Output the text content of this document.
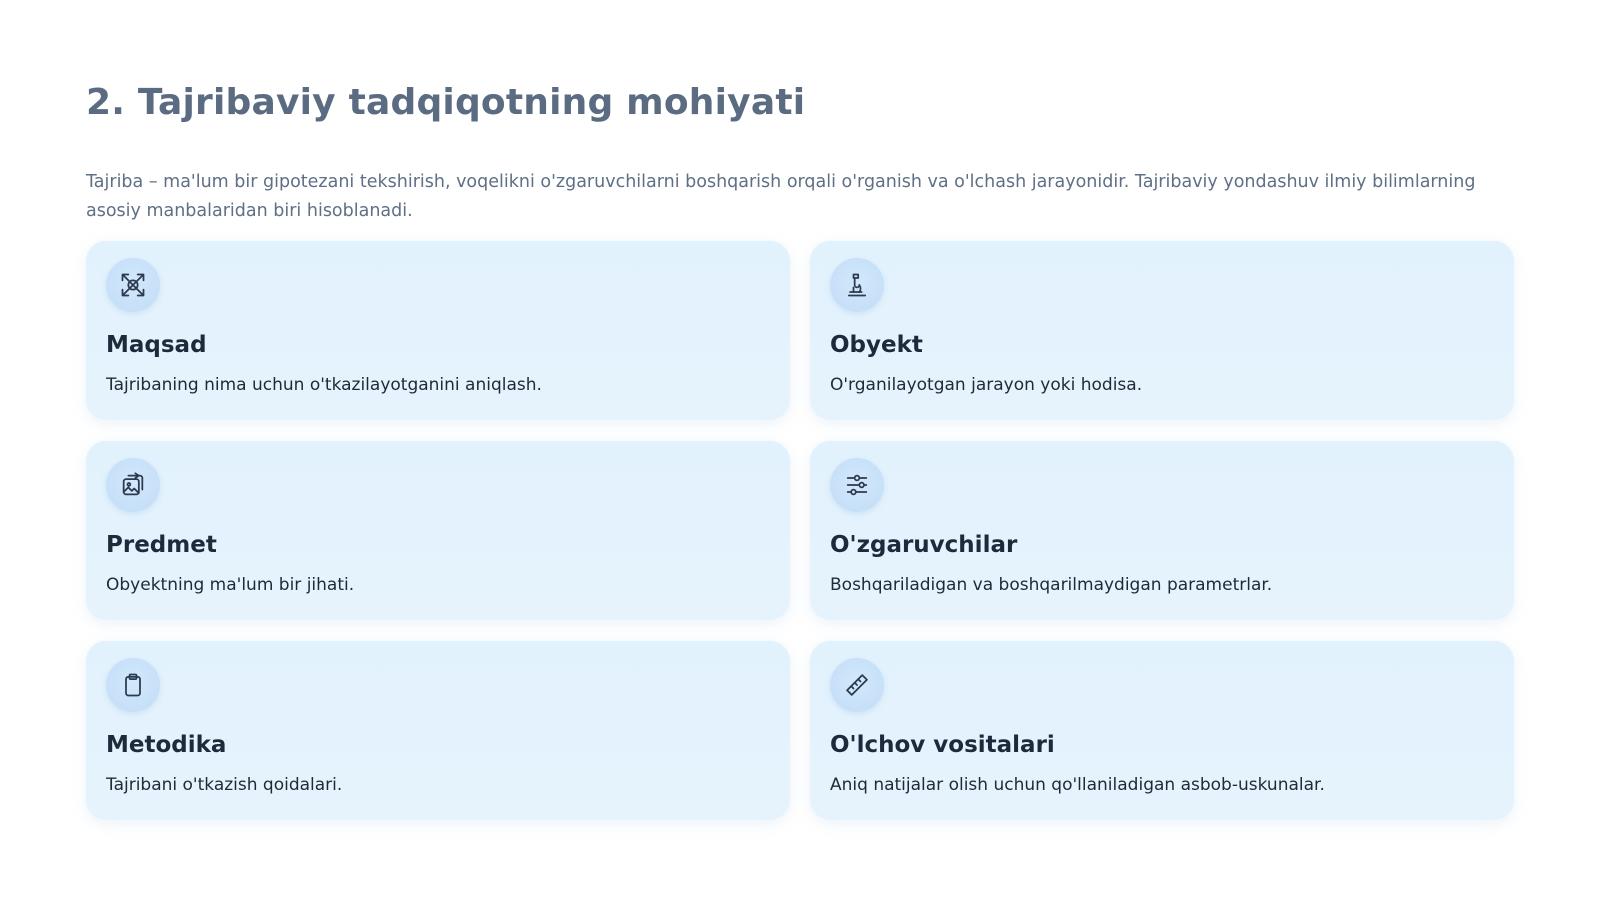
2. Tajribaviy tadqiqotning mohiyati

Tajriba – ma'lum bir gipotezani tekshirish, voqelikni o'zgaruvchilarni boshqarish orqali o'rganish va o'lchash jarayonidir. Tajribaviy yondashuv ilmiy bilimlarning asosiy manbalaridan biri hisoblanadi.

Maqsad
Tajribaning nima uchun o'tkazilayotganini aniqlash.
Obyekt
O'rganilayotgan jarayon yoki hodisa.
Predmet
Obyektning ma'lum bir jihati.
O'zgaruvchilar
Boshqariladigan va boshqarilmaydigan parametrlar.
Metodika
Tajribani o'tkazish qoidalari.
O'lchov vositalari
Aniq natijalar olish uchun qo'llaniladigan asbob-uskunalar.
